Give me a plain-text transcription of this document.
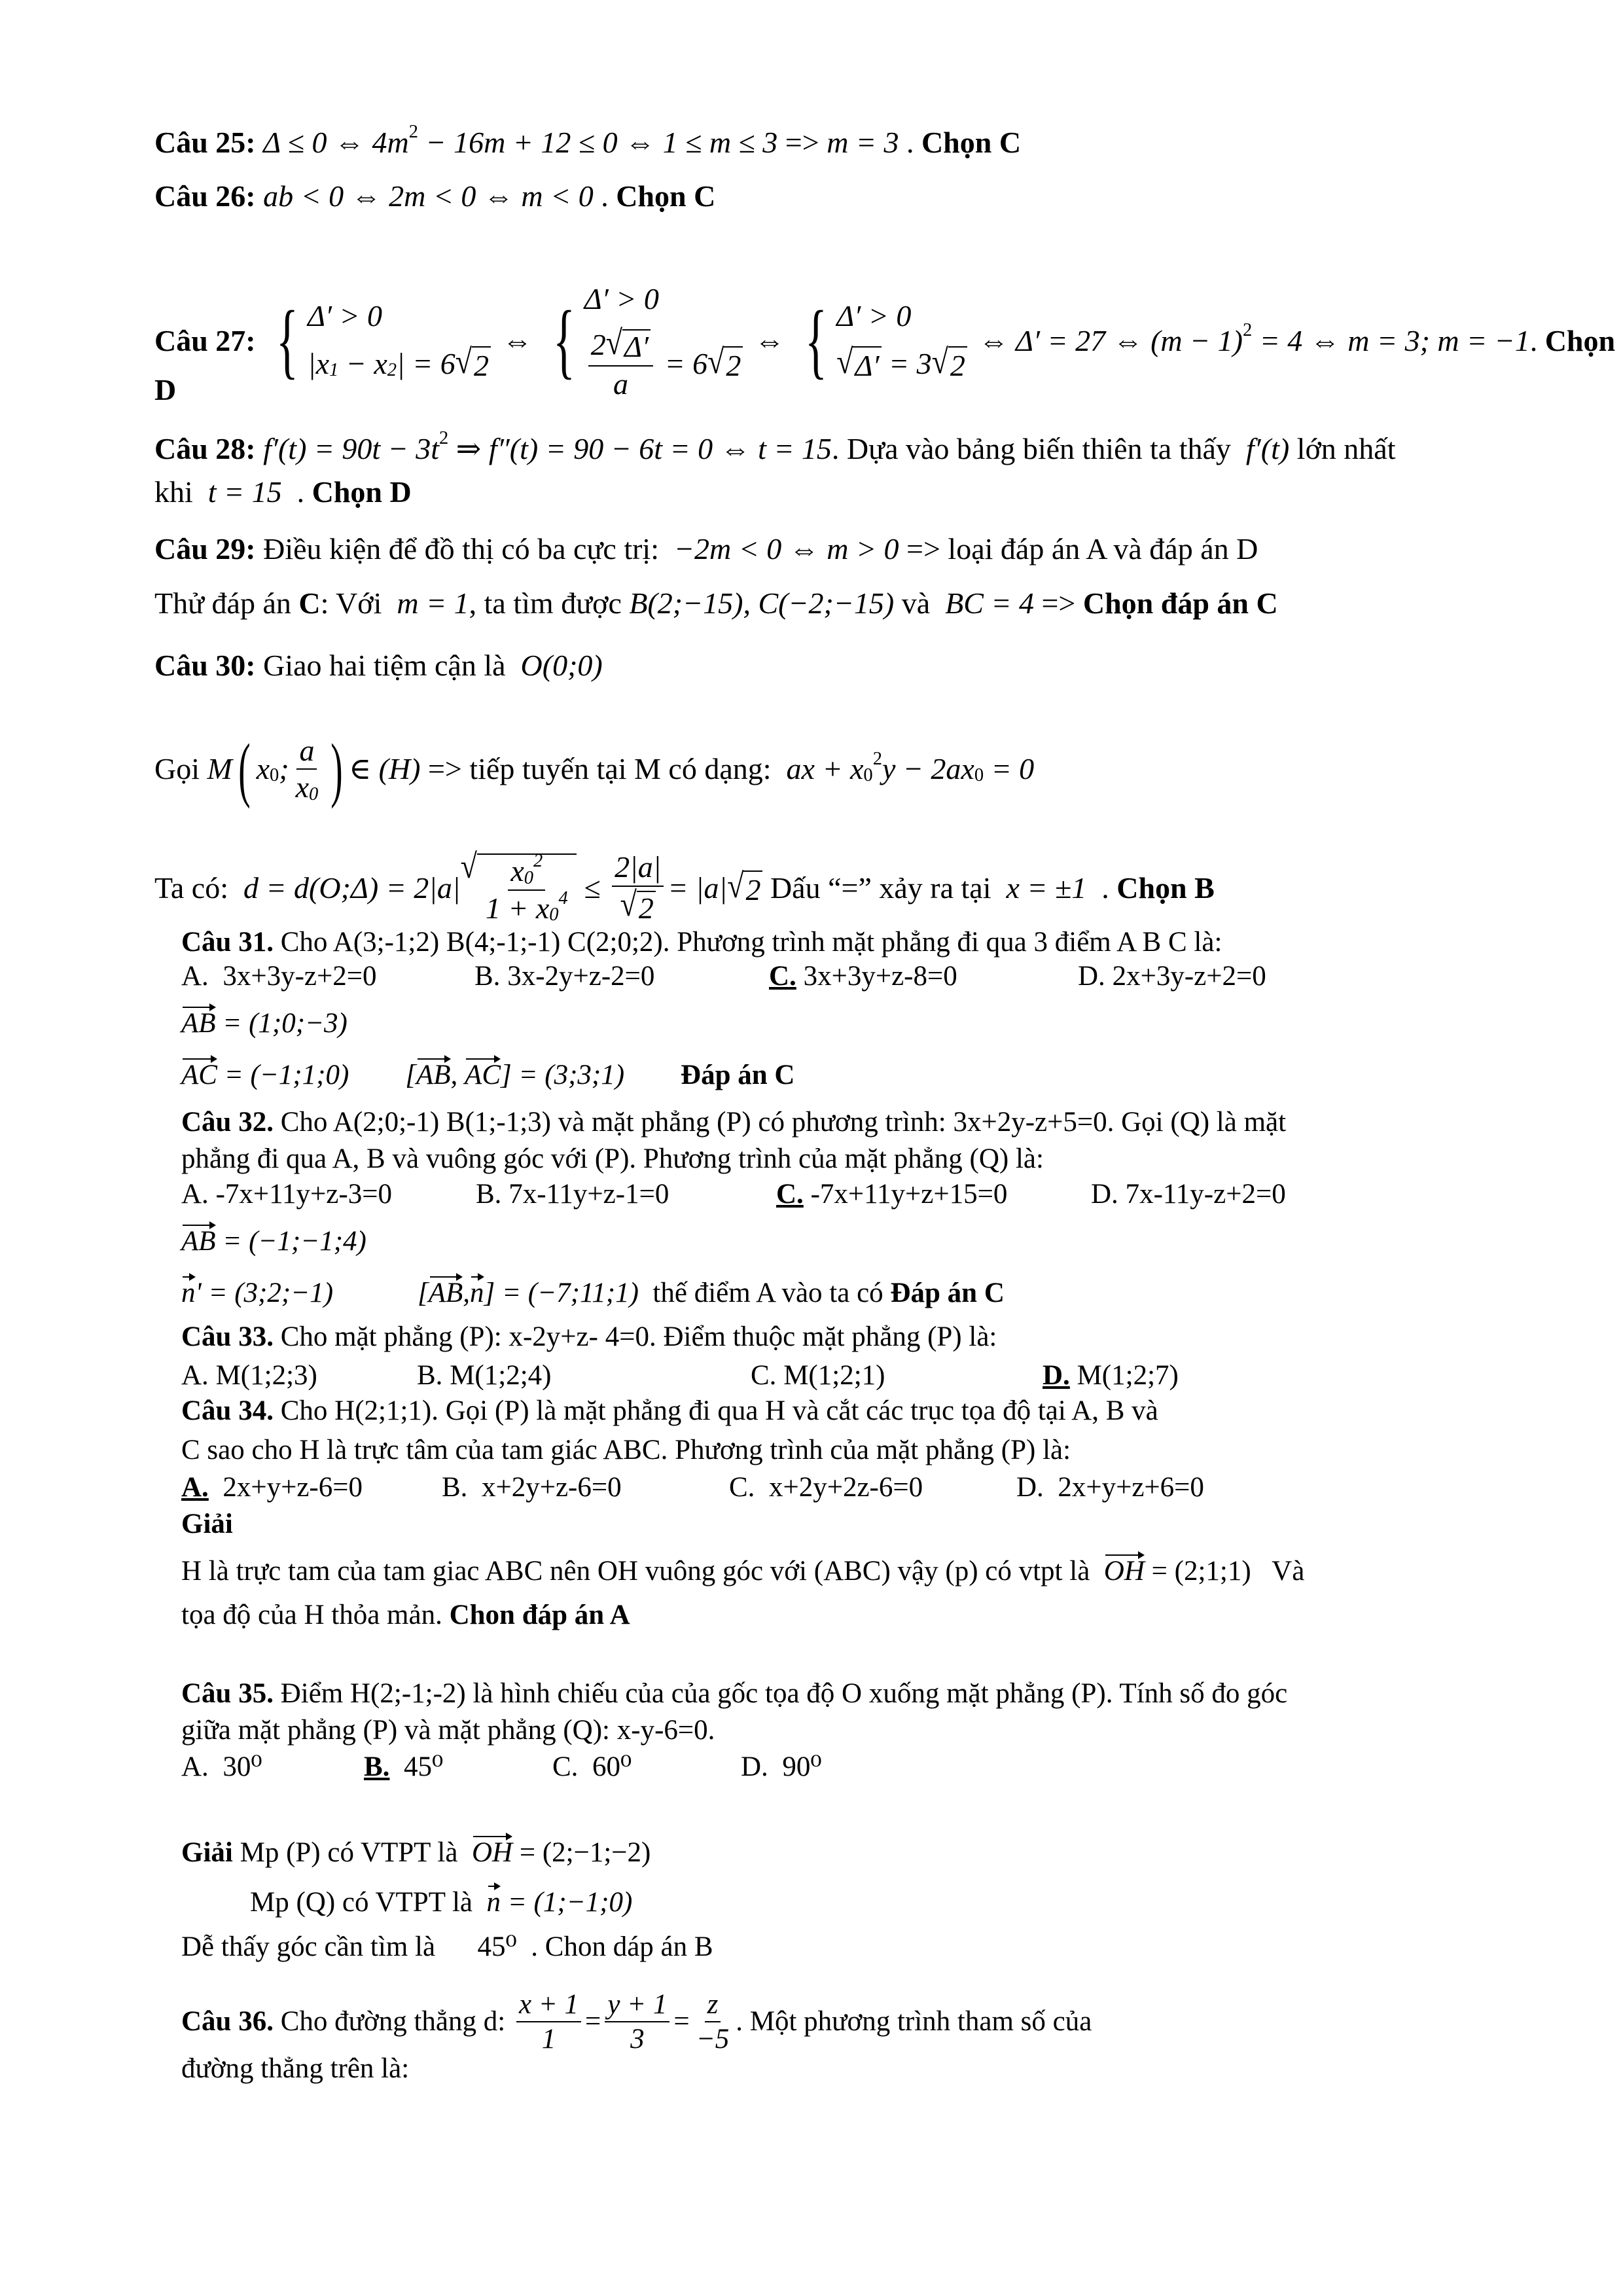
Câu 25: Δ ≤ 0 ⇔ 4m 2 − 16m + 12 ≤ 0 ⇔ 1 ≤ m ≤ 3 => m = 3 . Chọn C
Câu 26: ab < 0 ⇔ 2m < 0 ⇔ m < 0 . Chọn C
Câu 27: { Δ′ > 0
|x 1 − x 2 | = 6 √ 2
⇔ { Δ′ > 0
$\frac{2 √ \Delta'}{a} = 6$ √ 2
⇔ { Δ′ > 0
√ Δ′ = 3 √ 2
⇔ Δ′ = 27 ⇔ (m − 1) 2 = 4 ⇔ m = 3; m = −1 . Chọn
D
Câu 28: f′(t) = 90t − 3t 2 ⇒ f″(t) = 90 − 6t = 0 ⇔ t = 15 . Dựa vào bảng biến thiên ta thấy f′(t) lớn nhất
khi t = 15 . Chọn D
Câu 29: Điều kiện để đồ thị có ba cực trị: −2m < 0 ⇔ m > 0 => loại đáp án A và đáp án D
Thử đáp án C : Với m = 1 , ta tìm được B(2;−15), C(−2;−15) và BC = 4 => Chọn đáp án C
Câu 30: Giao hai tiệm cận là O(0;0)
Gọi M ( x 0 ; $\frac{a}{x 0}$ ) ∈ (H) => tiếp tuyến tại M có dạng: ax + x 0
2 y − 2ax 0 = 0
Ta có: d = d(O;Δ) = 2|a|
√ x 0
2
1 + x 0
$4 \le \frac{2|a|}{√ 2} = |a|$ √ 2 Dấu “=” xảy ra tại x = ±1 . Chọn B
Câu 31. Cho A(3;-1;2) B(4;-1;-1) C(2;0;2). Phương trình mặt phẳng đi qua 3 điểm A B C là:
A.  3x+3y-z+2=0	B. 3x-2y+z-2=0	C. 3x+3y+z-8=0	D. 2x+3y-z+2=0
AB = (1;0;−3)
AC = (−1;1;0)        [ AB , AC ] = (3;3;1) Đáp án C
Câu 32. Cho A(2;0;-1) B(1;-1;3) và mặt phẳng (P) có phương trình: 3x+2y-z+5=0. Gọi (Q) là mặt
phẳng đi qua A, B và vuông góc với (P). Phương trình của mặt phẳng (Q) là:
A. -7x+11y+z-3=0	B. 7x-11y+z-1=0	C. -7x+11y+z+15=0	D. 7x-11y-z+2=0
AB = (−1;−1;4)
n ' = (3;2;−1)            [ AB , n ] = (−7;11;1) thế điểm A vào ta có Đáp án C
Câu 33. Cho mặt phẳng (P): x-2y+z- 4=0. Điểm thuộc mặt phẳng (P) là:
A. M(1;2;3)	B. M(1;2;4)	C. M(1;2;1)	D. M(1;2;7)
Câu 34. Cho H(2;1;1). Gọi (P) là mặt phẳng đi qua H và cắt các trục tọa độ tại A, B và
C sao cho H là trực tâm của tam giác ABC. Phương trình của mặt phẳng (P) là:
A.  2x+y+z-6=0	B.  x+2y+z-6=0	C.  x+2y+2z-6=0	D.  2x+y+z+6=0
Giải
H là trực tam của tam giac ABC nên OH vuông góc với (ABC) vậy (p) có vtpt là OH = (2;1;1)   Và
tọa độ của H thỏa mản. Chon đáp án A
Câu 35. Điểm H(2;-1;-2) là hình chiếu của của gốc tọa độ O xuống mặt phẳng (P). Tính số đo góc
giữa mặt phẳng (P) và mặt phẳng (Q): x-y-6=0.
A.  30⁰	B.  45⁰	C.  60⁰	D.  90⁰
Giải Mp (P) có VTPT là OH = (2;−1;−2)
Mp (Q) có VTPT là n = (1;−1;0)
Dễ thấy góc cần tìm là      45⁰  . Chon dáp án B
Câu 36. Cho đường thẳng d: $\frac{x + 1}{1} = \frac{y + 1}{3} = \frac{z}{-5}$ . Một phương trình tham số của
đường thẳng trên là:
